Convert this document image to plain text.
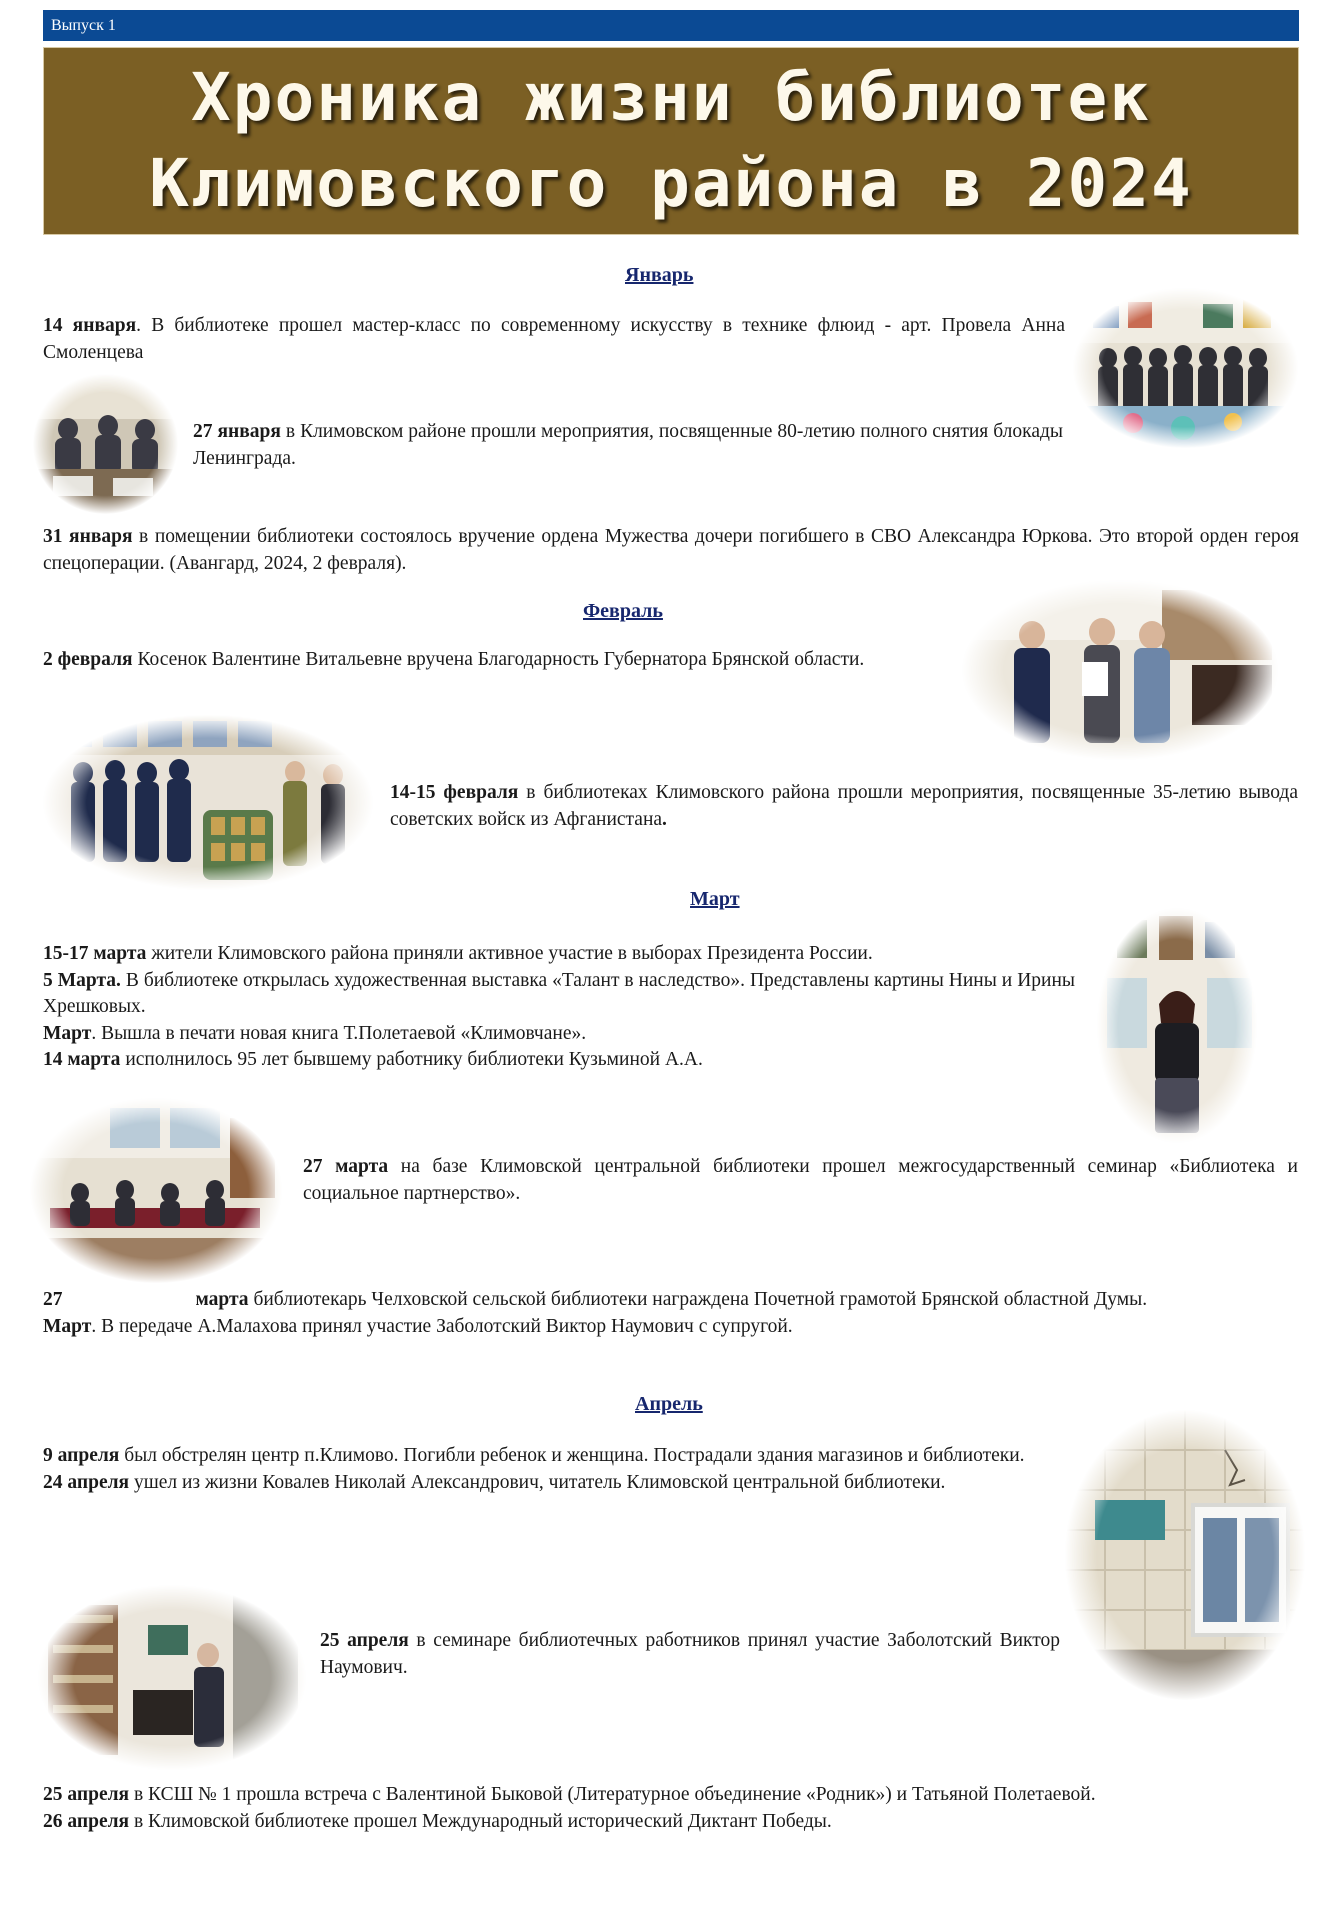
Выпуск 1
Хроника жизни библиотек
Климовского района в 2024
Январь

14 января. В библиотеке прошел мастер-класс по современному искусству в технике флюид - арт. Провела Анна Смоленцева

27 января в Климовском районе прошли мероприятия, посвященные 80-летию полного снятия блокады Ленинграда.

31 января в помещении библиотеки состоялось вручение ордена Мужества дочери погибшего в СВО Александра Юркова. Это второй орден героя спецоперации. (Авангард, 2024, 2 февраля).

Февраль

2 февраля Косенок Валентине Витальевне вручена Благодарность Губернатора Брянской области.

14-15 февраля в библиотеках Климовского района прошли мероприятия, посвященные 35-летию вывода советских войск из Афганистана.

Март

15-17 марта жители Климовского района приняли активное участие в выборах Президента России.

5 Марта. В библиотеке открылась художественная выставка «Талант в наследство». Представлены картины Нины и Ирины Хрешковых.

Март. Вышла в печати новая книга Т.Полетаевой «Климовчане».

14 марта исполнилось 95 лет бывшему работнику библиотеки Кузьминой А.А.

27 марта на базе Климовской центральной библиотеки прошел межгосударственный семинар «Библиотека и социальное партнерство».

27	марта библиотекарь Челховской сельской библиотеки награждена Почетной грамотой Брянской областной Думы.

Март. В передаче А.Малахова принял участие Заболотский Виктор Наумович с супругой.

Апрель

9 апреля был обстрелян центр п.Климово. Погибли ребенок и женщина. Пострадали здания магазинов и библиотеки.

24 апреля ушел из жизни Ковалев Николай Александрович, читатель Климовской центральной библиотеки.

25 апреля в семинаре библиотечных работников принял участие Заболотский Виктор Наумович.

25 апреля в КСШ № 1 прошла встреча с Валентиной Быковой (Литературное объединение «Родник») и Татьяной Полетаевой.

26 апреля в Климовской библиотеке прошел Международный исторический Диктант Победы.
